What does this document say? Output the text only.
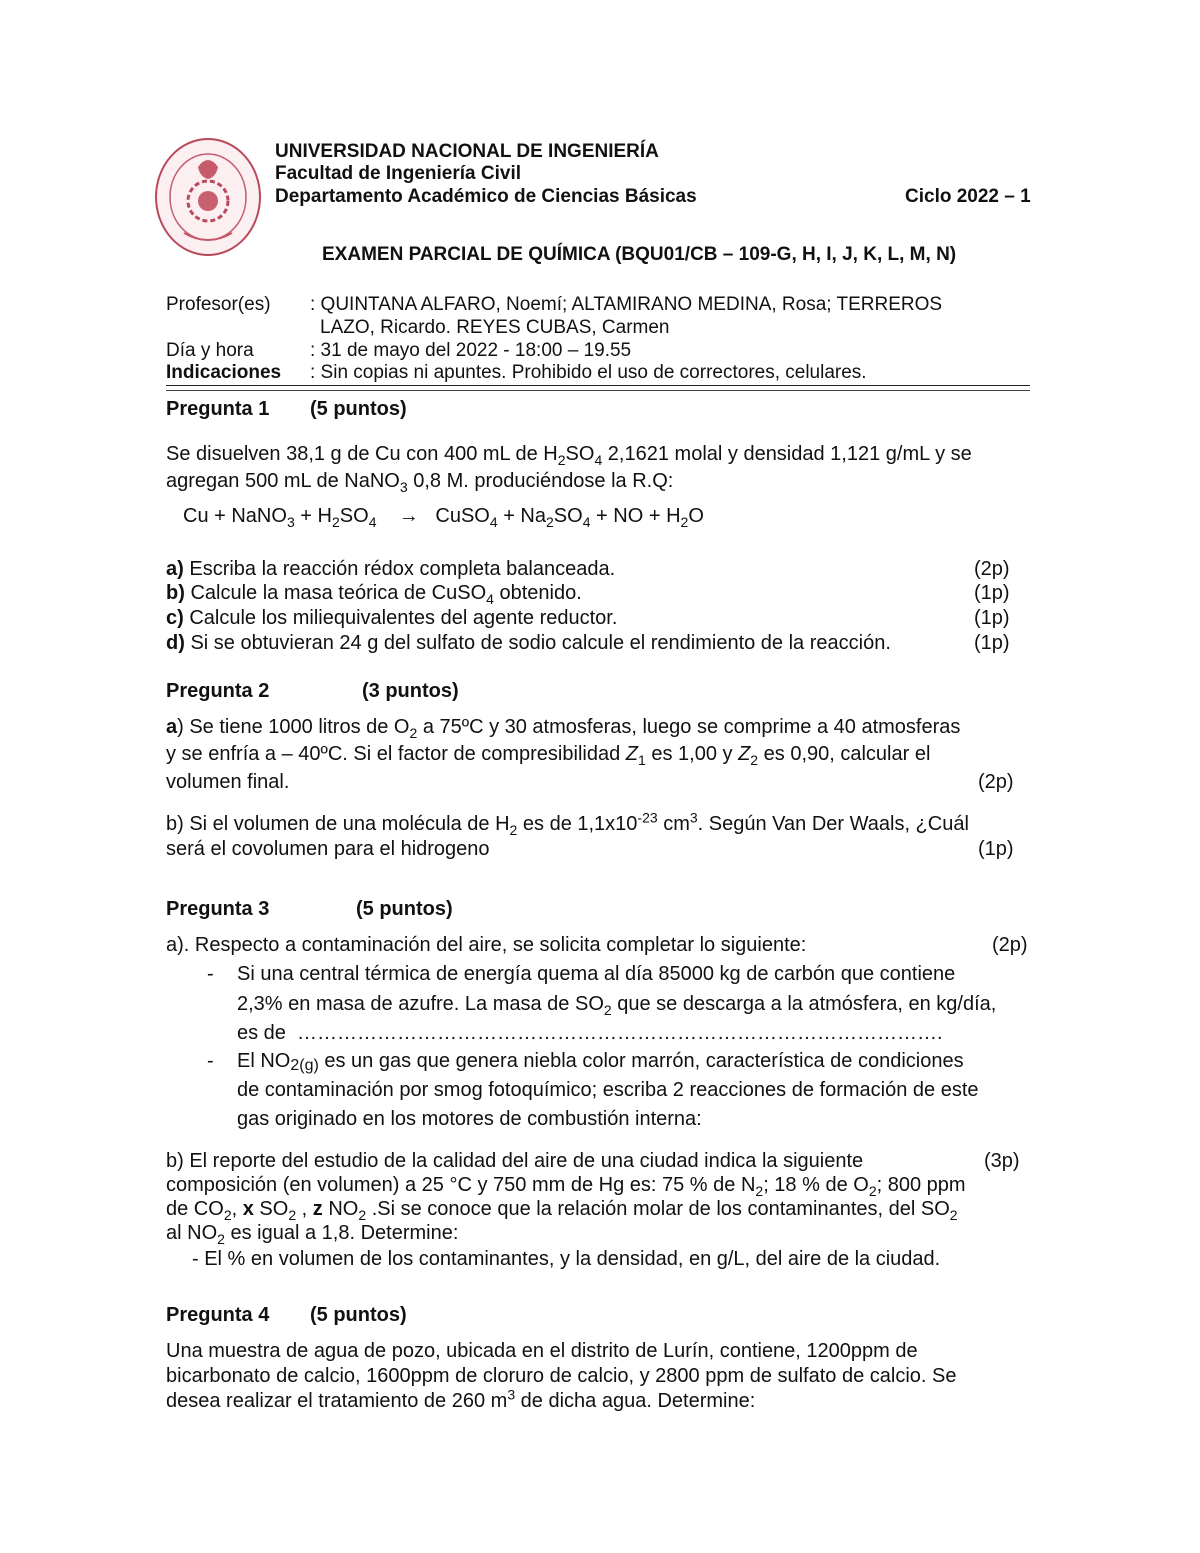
UNIVERSIDAD NACIONAL DE INGENIERÍA
Facultad de Ingeniería Civil
Departamento Académico de Ciencias Básicas	Ciclo 2022 – 1
EXAMEN PARCIAL DE QUÍMICA (BQU01/CB – 109-G, H, I, J, K, L, M, N)
Profesor(es) : QUINTANA ALFARO, Noemí; ALTAMIRANO MEDINA, Rosa; TERREROS
LAZO, Ricardo. REYES CUBAS, Carmen
Día y hora	: 31 de mayo del 2022 - 18:00 – 19.55
Indicaciones : Sin copias ni apuntes. Prohibido el uso de correctores, celulares.
Pregunta 1 (5 puntos)
Se disuelven 38,1 g de Cu con 400 mL de $H_2SO_4$ 2,1621 molal y densidad 1,121 g/mL y se
agregan 500 mL de NaNO$_3$ 0,8 M. produciéndose la R.Q:
Cu + NaNO$_3$ + $H_2SO_4$    →   CuSO$_4$ + $Na_2SO_4$ + NO + $H_2O$
a) Escriba la reacción rédox completa balanceada.	(2p)
b) Calcule la masa teórica de CuSO$_4$ obtenido.	(1p)
c) Calcule los miliequivalentes del agente reductor.	(1p)
d) Si se obtuvieran 24 g del sulfato de sodio calcule el rendimiento de la reacción.	(1p)
Pregunta 2	(3 puntos)
a) Se tiene 1000 litros de $O_2$ a 75ºC y 30 atmosferas, luego se comprime a 40 atmosferas
y se enfría a – 40ºC. Si el factor de compresibilidad $Z_1$ es 1,00 y $Z_2$ es 0,90, calcular el
volumen final.	(2p)
b) Si el volumen de una molécula de $H_2$ es de $1,1x10^{-23}$ $cm^3$. Según Van Der Waals, ¿Cuál
será el covolumen para el hidrogeno	(1p)
Pregunta 3	(5 puntos)
a). Respecto a contaminación del aire, se solicita completar lo siguiente:	(2p)
- Si una central térmica de energía quema al día 85000 kg de carbón que contiene
2,3% en masa de azufre. La masa de $SO_2$ que se descarga a la atmósfera, en kg/día,
es de  …………………………………………………………………………………….
- El NO2(g) es un gas que genera niebla color marrón, característica de condiciones
de contaminación por smog fotoquímico; escriba 2 reacciones de formación de este
gas originado en los motores de combustión interna:
b) El reporte del estudio de la calidad del aire de una ciudad indica la siguiente	(3p)
composición (en volumen) a 25 °C y 750 mm de Hg es: 75 % de $N_2$; 18 % de $O_2$; 800 ppm
de $CO_2$, x $SO_2$ , z $NO_2$ .Si se conoce que la relación molar de los contaminantes, del $SO_2$
al $NO_2$ es igual a 1,8. Determine:
- El % en volumen de los contaminantes, y la densidad, en g/L, del aire de la ciudad.
Pregunta 4 (5 puntos)
Una muestra de agua de pozo, ubicada en el distrito de Lurín, contiene, 1200ppm de
bicarbonato de calcio, 1600ppm de cloruro de calcio, y 2800 ppm de sulfato de calcio. Se
desea realizar el tratamiento de 260 $m^3$ de dicha agua. Determine:
